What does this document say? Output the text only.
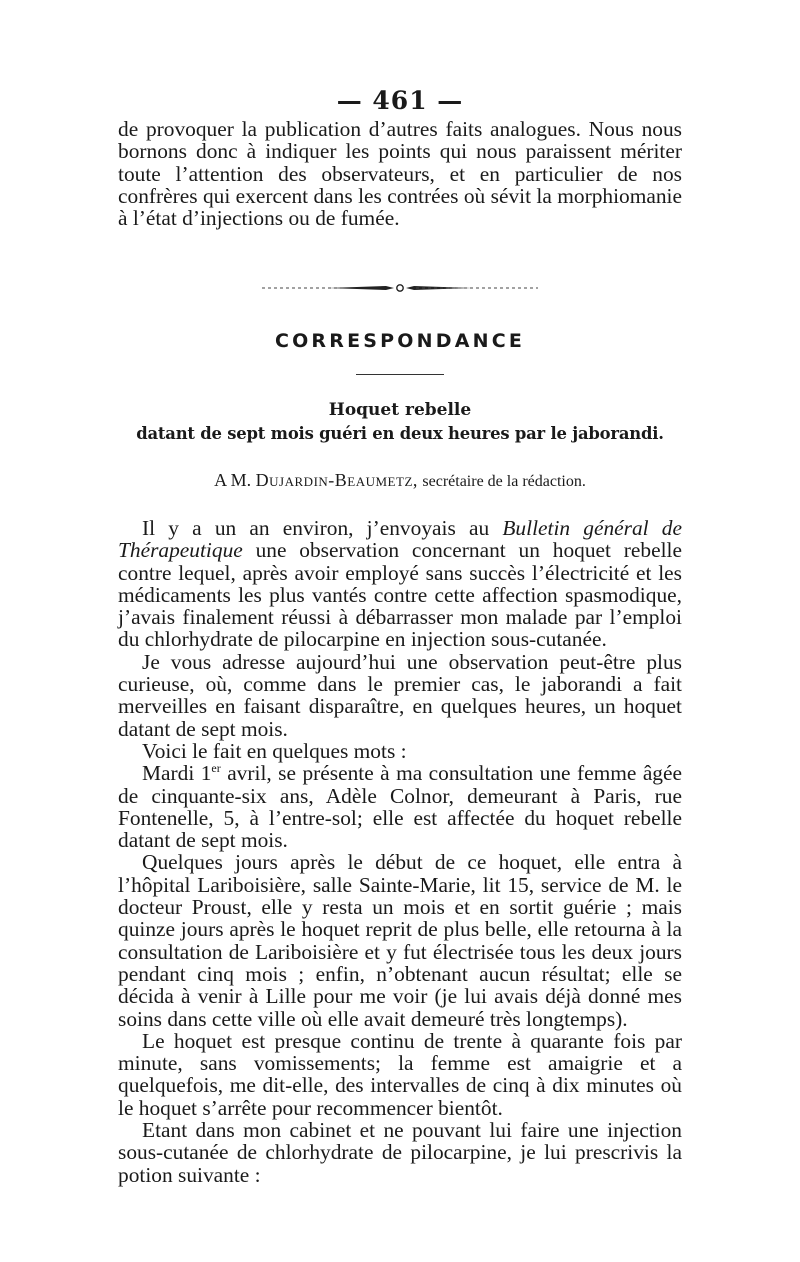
— 461 —

de provoquer la publication d’autres faits analogues. Nous nous bornons donc à indiquer les points qui nous paraissent mériter toute l’attention des observateurs, et en particulier de nos confrères qui exercent dans les contrées où sévit la morphiomanie à l’état d’injections ou de fumée.

CORRESPONDANCE
Hoquet rebelle
datant de sept mois guéri en deux heures par le jaborandi.
A M. Dujardin-Beaumetz, secrétaire de la rédaction.

Il y a un an environ, j’envoyais au Bulletin général de Thérapeutique une observation concernant un hoquet rebelle contre lequel, après avoir employé sans succès l’électricité et les médicaments les plus vantés contre cette affection spasmodique, j’avais finalement réussi à débarrasser mon malade par l’emploi du chlorhydrate de pilocarpine en injection sous-cutanée.

Je vous adresse aujourd’hui une observation peut-être plus curieuse, où, comme dans le premier cas, le jaborandi a fait merveilles en faisant disparaître, en quelques heures, un hoquet datant de sept mois.

Voici le fait en quelques mots :

Mardi 1er avril, se présente à ma consultation une femme âgée de cinquante-six ans, Adèle Colnor, demeurant à Paris, rue Fontenelle, 5, à l’entre-sol; elle est affectée du hoquet rebelle datant de sept mois.

Quelques jours après le début de ce hoquet, elle entra à l’hôpital Lariboisière, salle Sainte-Marie, lit 15, service de M. le docteur Proust, elle y resta un mois et en sortit guérie ; mais quinze jours après le hoquet reprit de plus belle, elle retourna à la consultation de Lariboisière et y fut électrisée tous les deux jours pendant cinq mois ; enfin, n’obtenant aucun résultat; elle se décida à venir à Lille pour me voir (je lui avais déjà donné mes soins dans cette ville où elle avait demeuré très longtemps).

Le hoquet est presque continu de trente à quarante fois par minute, sans vomissements; la femme est amaigrie et a quelquefois, me dit-elle, des intervalles de cinq à dix minutes où le hoquet s’arrête pour recommencer bientôt.

Etant dans mon cabinet et ne pouvant lui faire une injection sous-cutanée de chlorhydrate de pilocarpine, je lui prescrivis la potion suivante :
